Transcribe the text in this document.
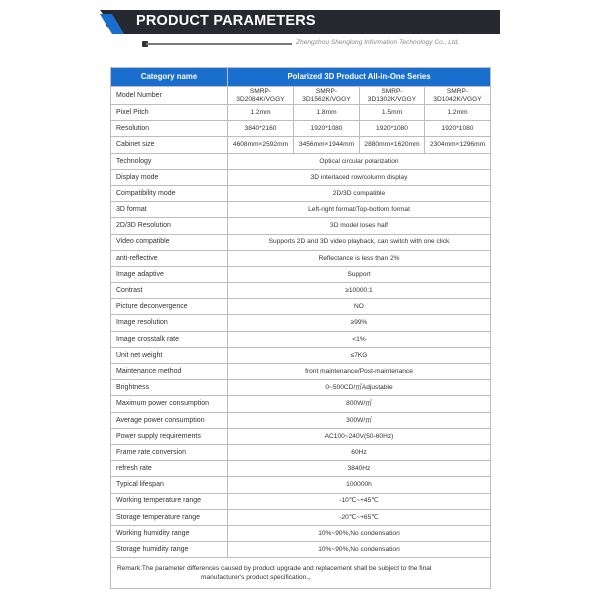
PRODUCT PARAMETERS
Zhengzhou Shenglong Information Technology Co., Ltd.
Category name	Polarized 3D Product All-in-One Series			
Model Number	SMRP-3D2084K/VGGY	SMRP-3D1562K/VGGY	SMRP-3D1302K/VGGY	SMRP-3D1042K/VGGY
Pixel Pitch	1.2mm	1.8mm	1.5mm	1.2mm
Resolution	3840*2160	1920*1080	1920*1080	1920*1080
Cabinet size	4608mm×2592mm	3456mm×1944mm	2880mm×1620mm	2304mm×1296mm
Technology	Optical circular polarization			
Display mode	3D interlaced row/column display			
Compatibility mode	2D/3D compatible			
3D format	Left-right format/Top-bottom format			
2D/3D Resolution	3D model loses half			
Video compatible	Supports 2D and 3D video playback, can switch with one click			
anti-reflective	Reflectance is less than 2%			
Image adaptive	Support			
Contrast	≥10000:1			
Picture deconvergence	NO			
Image resolution	≥99%			
Image crosstalk rate	<1%			
Unit net weight	≤7KG			
Maintenance method	front maintenance/Post-maintenance			
Brightness	0~500CD/㎡Adjustable			
Maximum power consumption	800W/㎡			
Average power consumption	300W/㎡			
Power supply requirements	AC100~240V(50-60Hz)			
Frame rate conversion	60Hz			
refresh rate	3840Hz			
Typical lifespan	100000h			
Working temperature range	-10℃~+45℃			
Storage temperature range	-20℃~+65℃			
Working humidity range	10%~90%,No condensation			
Storage humidity range	10%~90%,No condensation			
Remark:The parameter differences caused by product upgrade and replacement shall be subject to the final
manufacturer's product specification.。				
